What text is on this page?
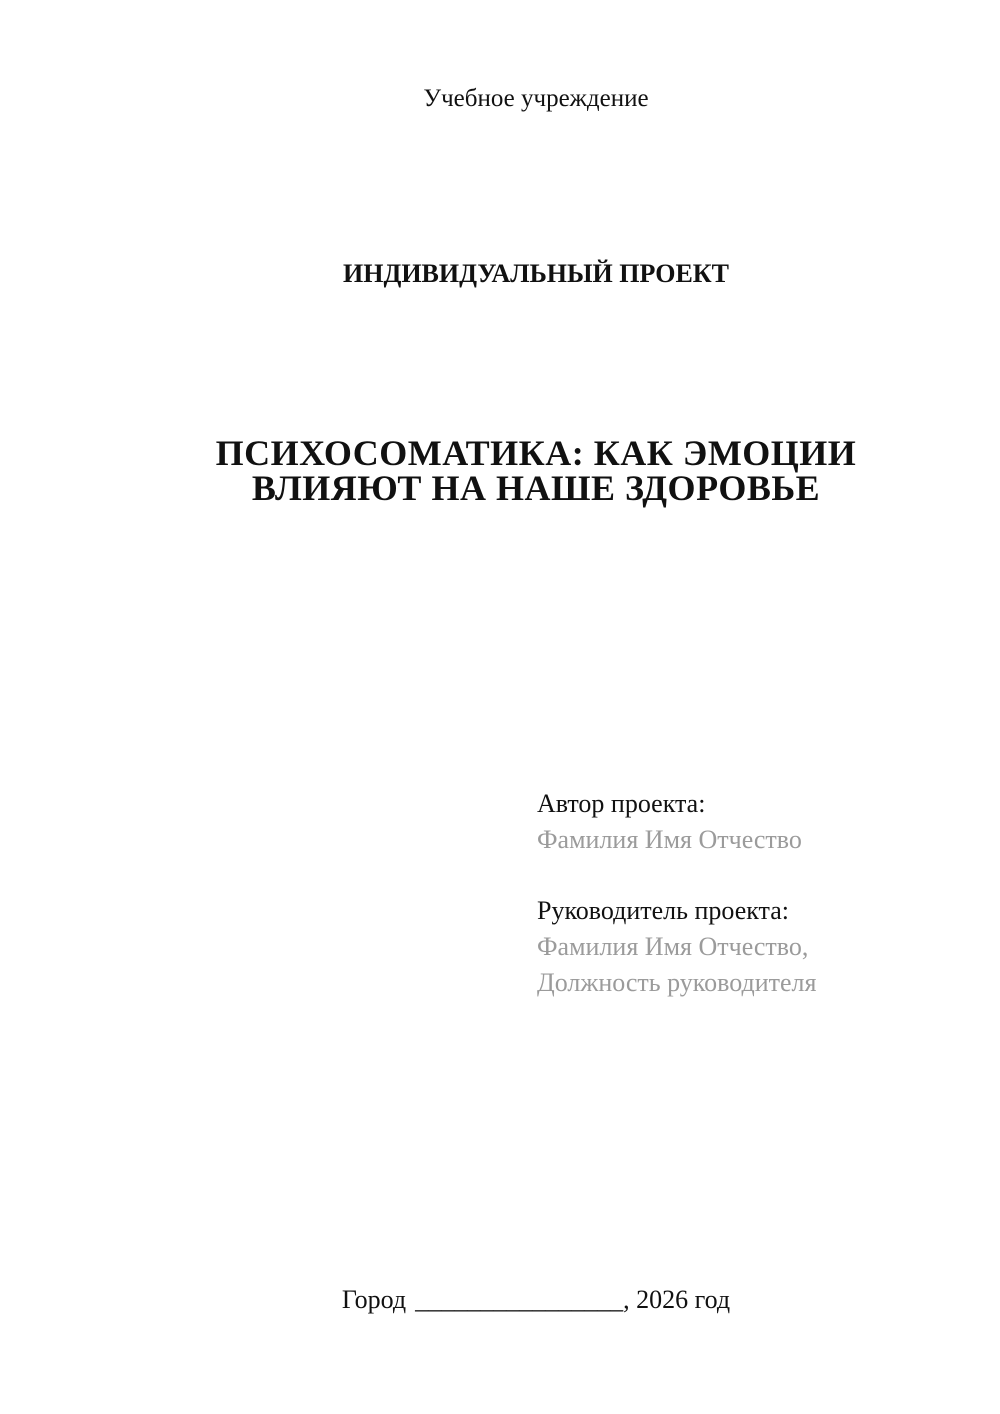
Учебное учреждение
ИНДИВИДУАЛЬНЫЙ ПРОЕКТ
ПСИХОСОМАТИКА: КАК ЭМОЦИИ
ВЛИЯЮТ НА НАШЕ ЗДОРОВЬЕ
Автор проекта:
Фамилия Имя Отчество
Руководитель проекта:
Фамилия Имя Отчество,
Должность руководителя
Город ________________, 2026 год
